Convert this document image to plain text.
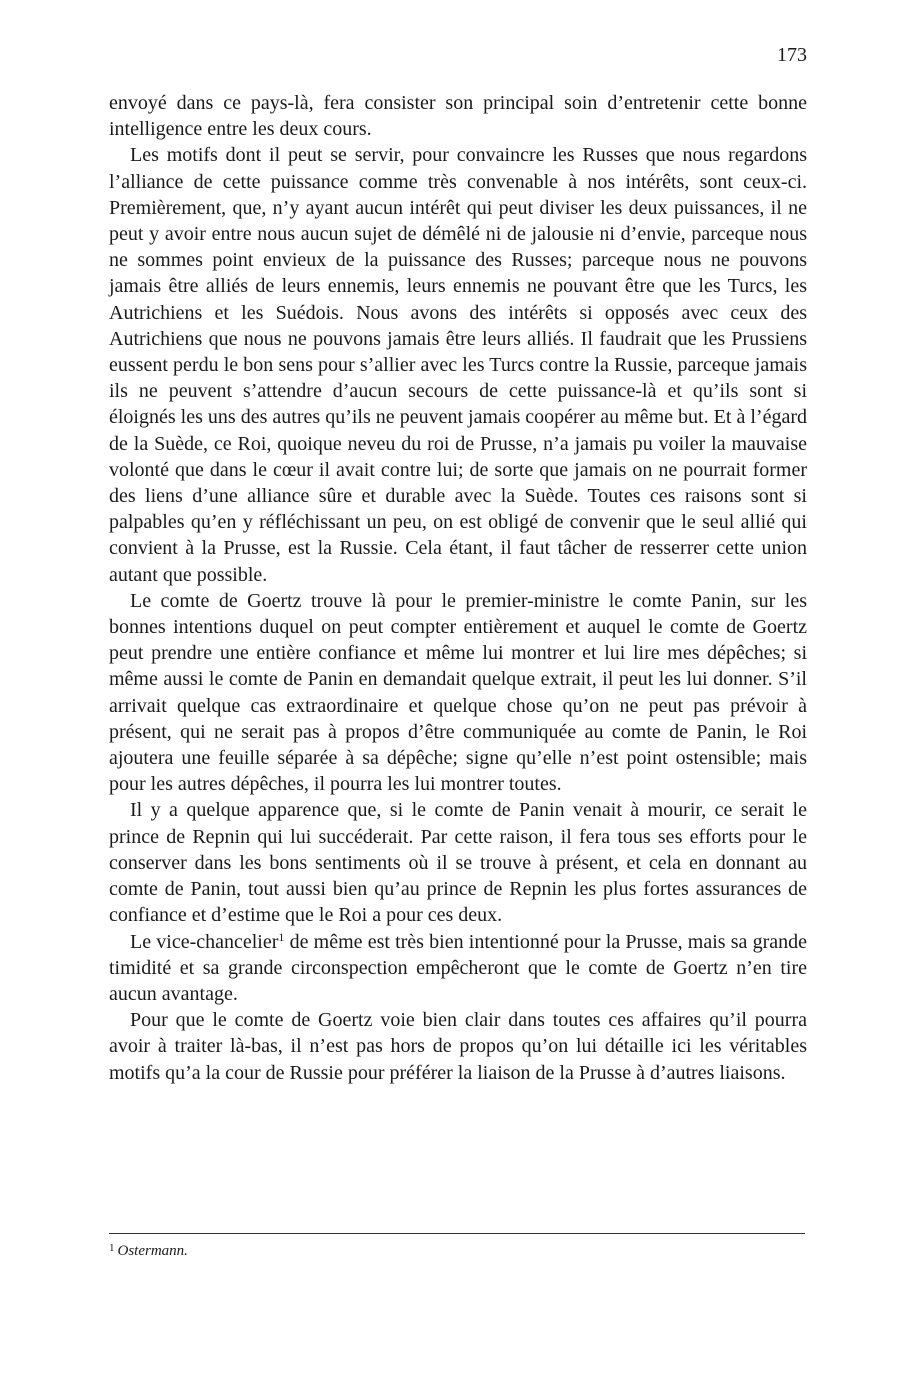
173

envoyé dans ce pays-là, fera consister son principal soin d’entretenir cette bonne intelligence entre les deux cours.

Les motifs dont il peut se servir, pour convaincre les Russes que nous regardons l’alliance de cette puissance comme très convenable à nos intérêts, sont ceux-ci. Premièrement, que, n’y ayant aucun intérêt qui peut diviser les deux puissances, il ne peut y avoir entre nous aucun sujet de démêlé ni de jalousie ni d’envie, parceque nous ne sommes point envieux de la puissance des Russes; parceque nous ne pouvons jamais être alliés de leurs ennemis, leurs ennemis ne pouvant être que les Turcs, les Autrichiens et les Suédois. Nous avons des intérêts si opposés avec ceux des Autrichiens que nous ne pouvons jamais être leurs alliés. Il faudrait que les Prussiens eussent perdu le bon sens pour s’allier avec les Turcs contre la Russie, parceque jamais ils ne peuvent s’attendre d’aucun secours de cette puissance-là et qu’ils sont si éloignés les uns des autres qu’ils ne peuvent jamais coopérer au même but. Et à l’égard de la Suède, ce Roi, quoique neveu du roi de Prusse, n’a jamais pu voiler la mauvaise volonté que dans le cœur il avait contre lui; de sorte que jamais on ne pourrait former des liens d’une alliance sûre et durable avec la Suède. Toutes ces raisons sont si palpables qu’en y réfléchissant un peu, on est obligé de convenir que le seul allié qui convient à la Prusse, est la Russie. Cela étant, il faut tâcher de resserrer cette union autant que possible.

Le comte de Goertz trouve là pour le premier-ministre le comte Panin, sur les bonnes intentions duquel on peut compter entièrement et auquel le comte de Goertz peut prendre une entière confiance et même lui montrer et lui lire mes dépêches; si même aussi le comte de Panin en demandait quelque extrait, il peut les lui donner. S’il arrivait quelque cas extraordinaire et quelque chose qu’on ne peut pas prévoir à présent, qui ne serait pas à propos d’être communiquée au comte de Panin, le Roi ajoutera une feuille séparée à sa dépêche; signe qu’elle n’est point ostensible; mais pour les autres dépêches, il pourra les lui montrer toutes.

Il y a quelque apparence que, si le comte de Panin venait à mourir, ce serait le prince de Repnin qui lui succéderait. Par cette raison, il fera tous ses efforts pour le conserver dans les bons sentiments où il se trouve à présent, et cela en donnant au comte de Panin, tout aussi bien qu’au prince de Repnin les plus fortes assurances de confiance et d’estime que le Roi a pour ces deux.

Le vice-chancelier$^1$ de même est très bien intentionné pour la Prusse, mais sa grande timidité et sa grande circonspection empêcheront que le comte de Goertz n’en tire aucun avantage.

Pour que le comte de Goertz voie bien clair dans toutes ces affaires qu’il pourra avoir à traiter là-bas, il n’est pas hors de propos qu’on lui détaille ici les véritables motifs qu’a la cour de Russie pour préférer la liaison de la Prusse à d’autres liaisons.

$^1$ Ostermann.
